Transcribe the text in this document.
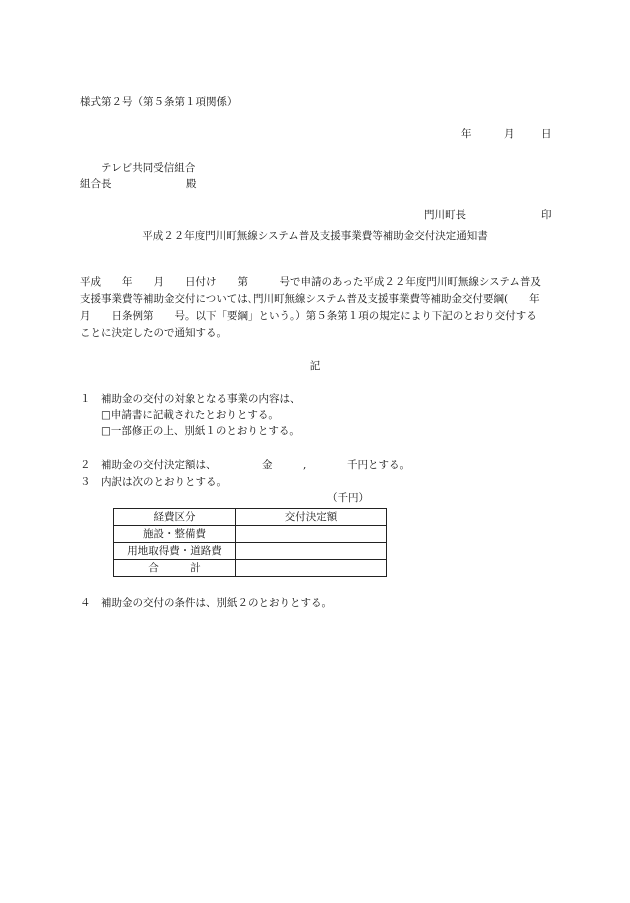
様式第２号（第５条第１項関係）
年	月	日
テレビ共同受信組合
組合長	殿
門川町長	印
平成２２年度門川町無線システム普及支援事業費等補助金交付決定通知書
平成　　年　　月　　日付け　　第　　　号で申請のあった平成２２年度門川町無線システム普及
支援事業費等補助金交付については､門川町無線システム普及支援事業費等補助金交付要綱(　　年
月　　日条例第　　号。以下「要綱」という。）第５条第１項の規定により下記のとおり交付する
ことに決定したので通知する。
記
１ 補助金の交付の対象となる事業の内容は、
□申請書に記載されたとおりとする。
□一部修正の上、別紙１のとおりとする。
２ 補助金の交付決定額は、	金	,	千円とする。
３ 内訳は次のとおりとする。
（千円）
経費区分	交付決定額
施設・整備費	
用地取得費・道路費	
合　　　計	
４ 補助金の交付の条件は、別紙２のとおりとする。
